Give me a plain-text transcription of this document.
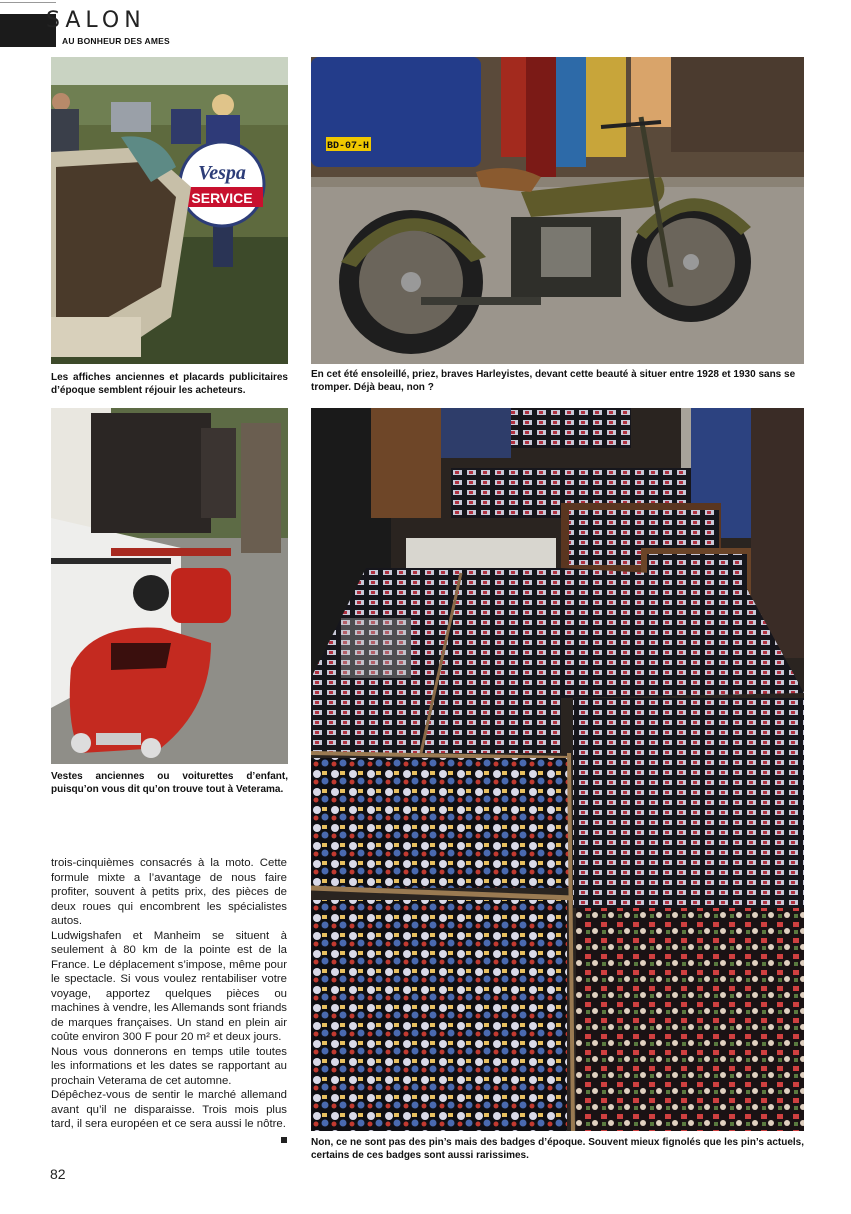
SALON
AU BONHEUR DES AMES
Vespa
SERVICE
BD-07-H
Les affiches anciennes et placards publicitaires d’époque semblent réjouir les acheteurs.
En cet été ensoleillé, priez, braves Harleyistes, devant cette beauté à situer entre 1928 et 1930 sans se tromper. Déjà beau, non ?
Vestes anciennes ou voiturettes d’enfant, puisqu’on vous dit qu’on trouve tout à Veterama.
Non, ce ne sont pas des pin’s mais des badges d’époque. Souvent mieux fignolés que les pin’s actuels, certains de ces badges sont aussi rarissimes.

trois-cinquièmes consacrés à la moto. Cette formule mixte a l’avantage de nous faire profiter, souvent à petits prix, des pièces de deux roues qui encombrent les spécialistes autos.

Ludwigshafen et Manheim se situent à seulement à 80 km de la pointe est de la France. Le déplacement s’impose, même pour le spectacle. Si vous voulez rentabiliser votre voyage, apportez quelques pièces ou machines à vendre, les Allemands sont friands de marques françaises. Un stand en plein air coûte environ 300 F pour 20 m² et deux jours.

Nous vous donnerons en temps utile toutes les informations et les dates se rapportant au prochain Veterama de cet automne.

Dépêchez-vous de sentir le marché allemand avant qu’il ne disparaisse. Trois mois plus tard, il sera européen et ce sera aussi le nôtre.

82
